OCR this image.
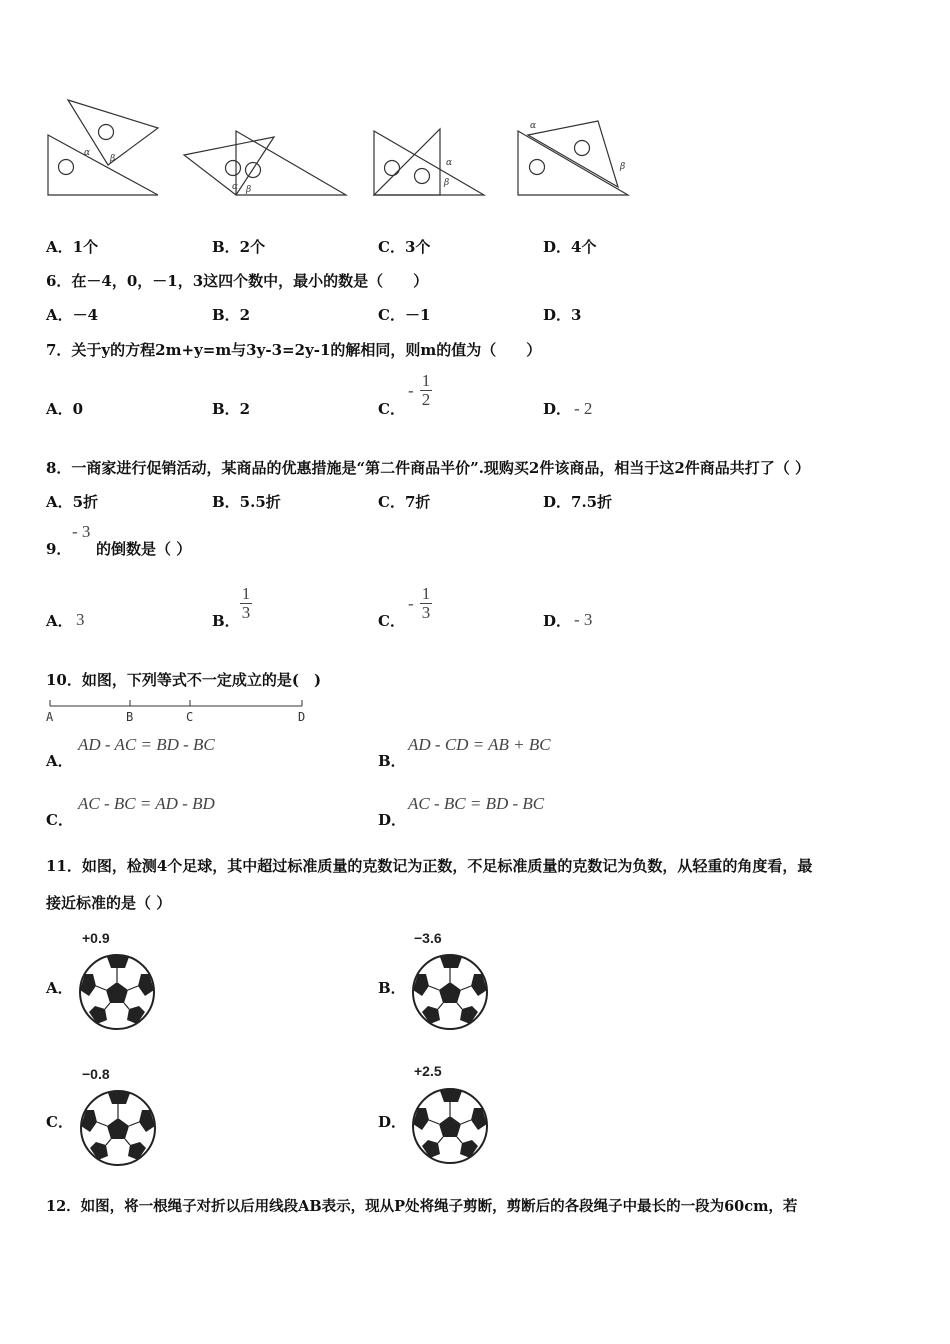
α
β
α β
α
β
α
β
A．1个	B．2个	C．3个	D．4个
6．在－4，0，－1，3这四个数中，最小的数是（　　）
A．－4	B．2	C．－1	D．3
7．关于y的方程2m+y=m与3y-3=2y-1的解相同，则m的值为（　　）
A．0	B．2	C．
-
1
2	D． - 2
8．一商家进行促销活动，某商品的优惠措施是“第二件商品半价”.现购买2件该商品，相当于这2件商品共打了（ ）
A．5折	B．5.5折	C．7折	D．7.5折
9．
- 3
的倒数是（ ）
A． 3	B．
1
3	C．
-
1
3	D． - 3
10．如图，下列等式不一定成立的是(　)
A	B	C	D
A．
AD - AC = BD - BC
B．
AD - CD = AB + BC
C．
AC - BC = AD - BD
D．
AC - BC = BD - BC
11．如图，检测4个足球，其中超过标准质量的克数记为正数，不足标准质量的克数记为负数，从轻重的角度看，最
接近标准的是（ ）
+0.9
A．
−3.6
B．
−0.8
C．
+2.5
D．
12．如图，将一根绳子对折以后用线段AB表示，现从P处将绳子剪断，剪断后的各段绳子中最长的一段为60cm，若
